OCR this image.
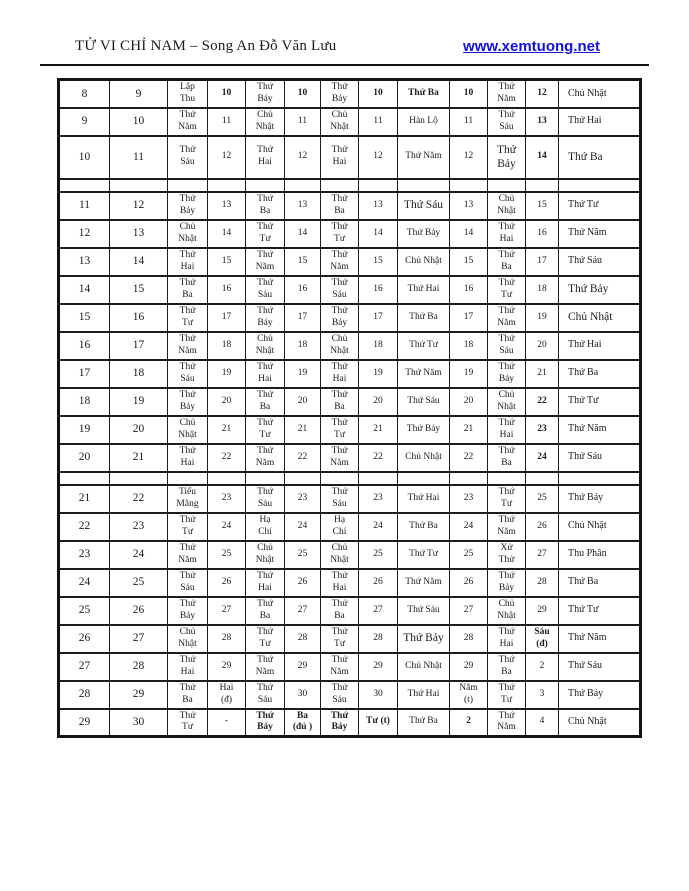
TỬ VI CHỈ NAM – Song An Đỗ Văn Lưu	www.xemtuong.net
8	9	Lập Thu	10	Thứ Bảy	10	Thứ Bảy	10	Thứ Ba	10	Thứ Năm	12	Chủ Nhật
9	10	Thứ Năm	11	Chủ Nhật	11	Chủ Nhật	11	Hàn Lộ	11	Thứ Sáu	13	Thứ Hai
10	11	Thứ Sáu	12	Thứ Hai	12	Thứ Hai	12	Thứ Năm	12	Thứ Bảy	14	Thứ Ba

11	12	Thứ Bảy	13	Thứ Ba	13	Thứ Ba	13	Thứ Sáu	13	Chủ Nhật	15	Thứ Tư
12	13	Chủ Nhật	14	Thứ Tư	14	Thứ Tư	14	Thứ Bảy	14	Thứ Hai	16	Thứ Năm
13	14	Thứ Hai	15	Thứ Năm	15	Thứ Năm	15	Chủ Nhật	15	Thứ Ba	17	Thứ Sáu
14	15	Thứ Ba	16	Thứ Sáu	16	Thứ Sáu	16	Thứ Hai	16	Thứ Tư	18	Thứ Bảy
15	16	Thứ Tư	17	Thứ Bảy	17	Thứ Bảy	17	Thứ Ba	17	Thứ Năm	19	Chủ Nhật
16	17	Thứ Năm	18	Chủ Nhật	18	Chủ Nhật	18	Thứ Tư	18	Thứ Sáu	20	Thứ Hai
17	18	Thứ Sáu	19	Thứ Hai	19	Thứ Hai	19	Thứ Năm	19	Thứ Bảy	21	Thứ Ba
18	19	Thứ Bảy	20	Thứ Ba	20	Thứ Ba	20	Thứ Sáu	20	Chủ Nhật	22	Thứ Tư
19	20	Chủ Nhật	21	Thứ Tư	21	Thứ Tư	21	Thứ Bảy	21	Thứ Hai	23	Thứ Năm
20	21	Thứ Hai	22	Thứ Năm	22	Thứ Năm	22	Chủ Nhật	22	Thứ Ba	24	Thứ Sáu

21	22	Tiểu Mãng	23	Thứ Sáu	23	Thứ Sáu	23	Thứ Hai	23	Thứ Tư	25	Thứ Bảy
22	23	Thứ Tư	24	Hạ Chí	24	Hạ Chí	24	Thứ Ba	24	Thứ Năm	26	Chủ Nhật
23	24	Thứ Năm	25	Chủ Nhật	25	Chủ Nhật	25	Thứ Tư	25	Xử Thử	27	Thu Phân
24	25	Thứ Sáu	26	Thứ Hai	26	Thứ Hai	26	Thứ Năm	26	Thứ Bảy	28	Thứ Ba
25	26	Thứ Bảy	27	Thứ Ba	27	Thứ Ba	27	Thứ Sáu	27	Chủ Nhật	29	Thứ Tư
26	27	Chủ Nhật	28	Thứ Tư	28	Thứ Tư	28	Thứ Bảy	28	Thứ Hai	Sáu (đ)	Thứ Năm
27	28	Thứ Hai	29	Thứ Năm	29	Thứ Năm	29	Chủ Nhật	29	Thứ Ba	2	Thứ Sáu
28	29	Thứ Ba	Hai (đ)	Thứ Sáu	30	Thứ Sáu	30	Thứ Hai	Năm (t)	Thứ Tư	3	Thứ Bảy
29	30	Thứ Tư	-	Thứ Bảy	Ba (đủ )	Thứ Bảy	Tư (t)	Thứ Ba	2	Thứ Năm	4	Chủ Nhật
